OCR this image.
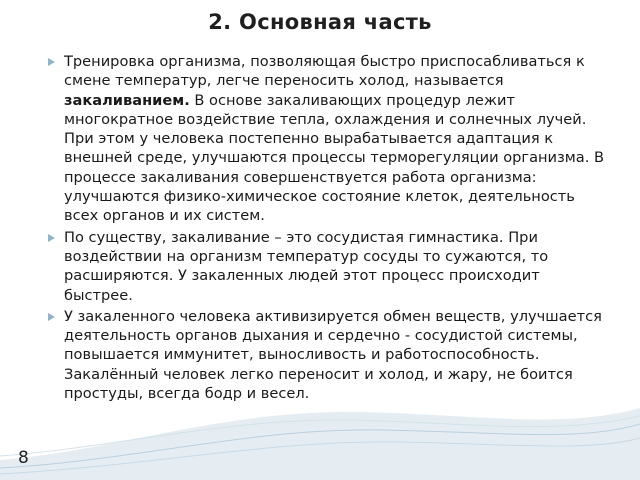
2. Основная часть
Тренировка организма, позволяющая быстро приспосабливаться к смене температур, легче переносить холод, называется закаливанием. В основе закаливающих процедур лежит многократное воздействие тепла, охлаждения и солнечных лучей. При этом у человека постепенно вырабатывается адаптация к внешней среде, улучшаются процессы терморегуляции организма. В процессе закаливания совершенствуется работа организма: улучшаются физико-химическое состояние клеток, деятельность всех органов и их систем.
По существу, закаливание – это сосудистая гимнастика. При воздействии на организм температур сосуды то сужаются, то расширяются. У закаленных людей этот процесс происходит быстрее.
У закаленного человека активизируется обмен веществ, улучшается деятельность органов дыхания и сердечно - сосудистой системы, повышается иммунитет, выносливость и работоспособность. Закалённый человек легко переносит и холод, и жару, не боится простуды, всегда бодр и весел.
8
